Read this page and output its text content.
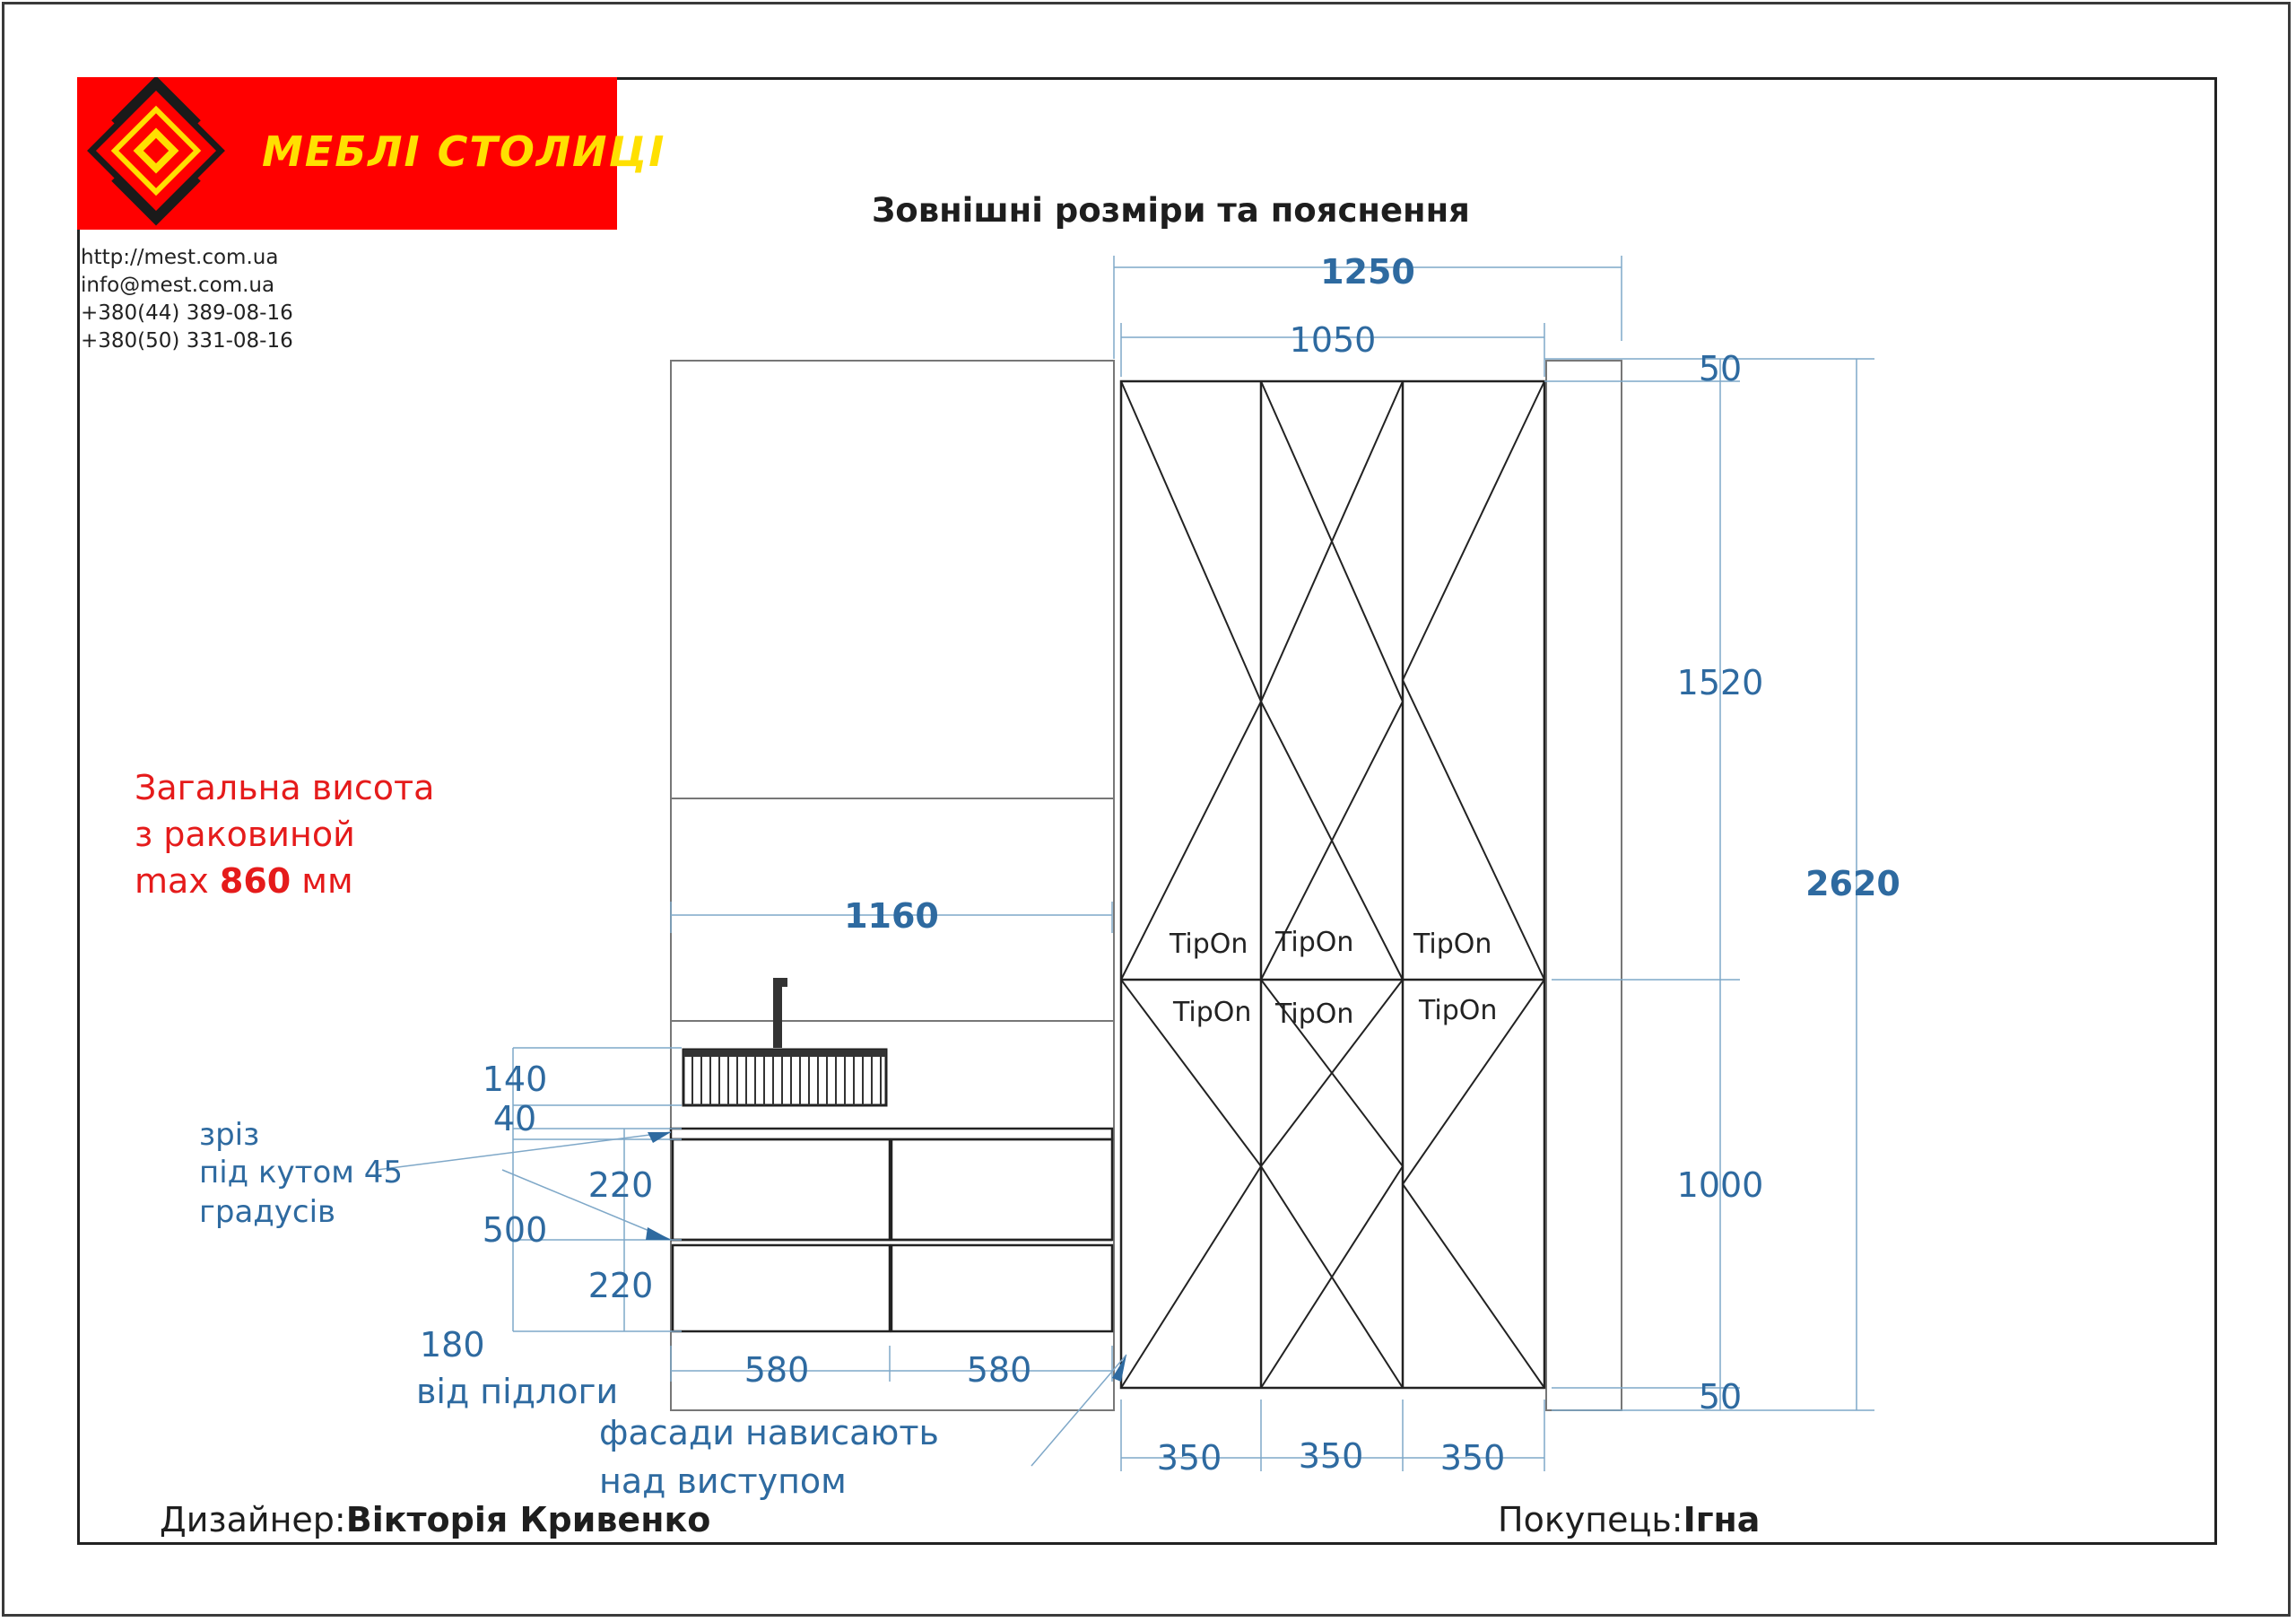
МЕБЛІ СТОЛИЦІ
http://mest.com.ua
info@mest.com.ua
+380(44) 389-08-16
+380(50) 331-08-16
Зовнішні розміри та пояснення
Загальна висота
з раковиной
max 860 мм
1250
1050
50
1520
2620
1000
50
350 350 350
1160
140
40
220
500
220
580	580
зріз
під кутом 45
градусів
180
від підлоги
фасади нависають
над виступом
TipOn TipOn TipOn
TipOn TipOn TipOn
Дизайнер:Вікторія Кривенко	Покупець:Ігна
